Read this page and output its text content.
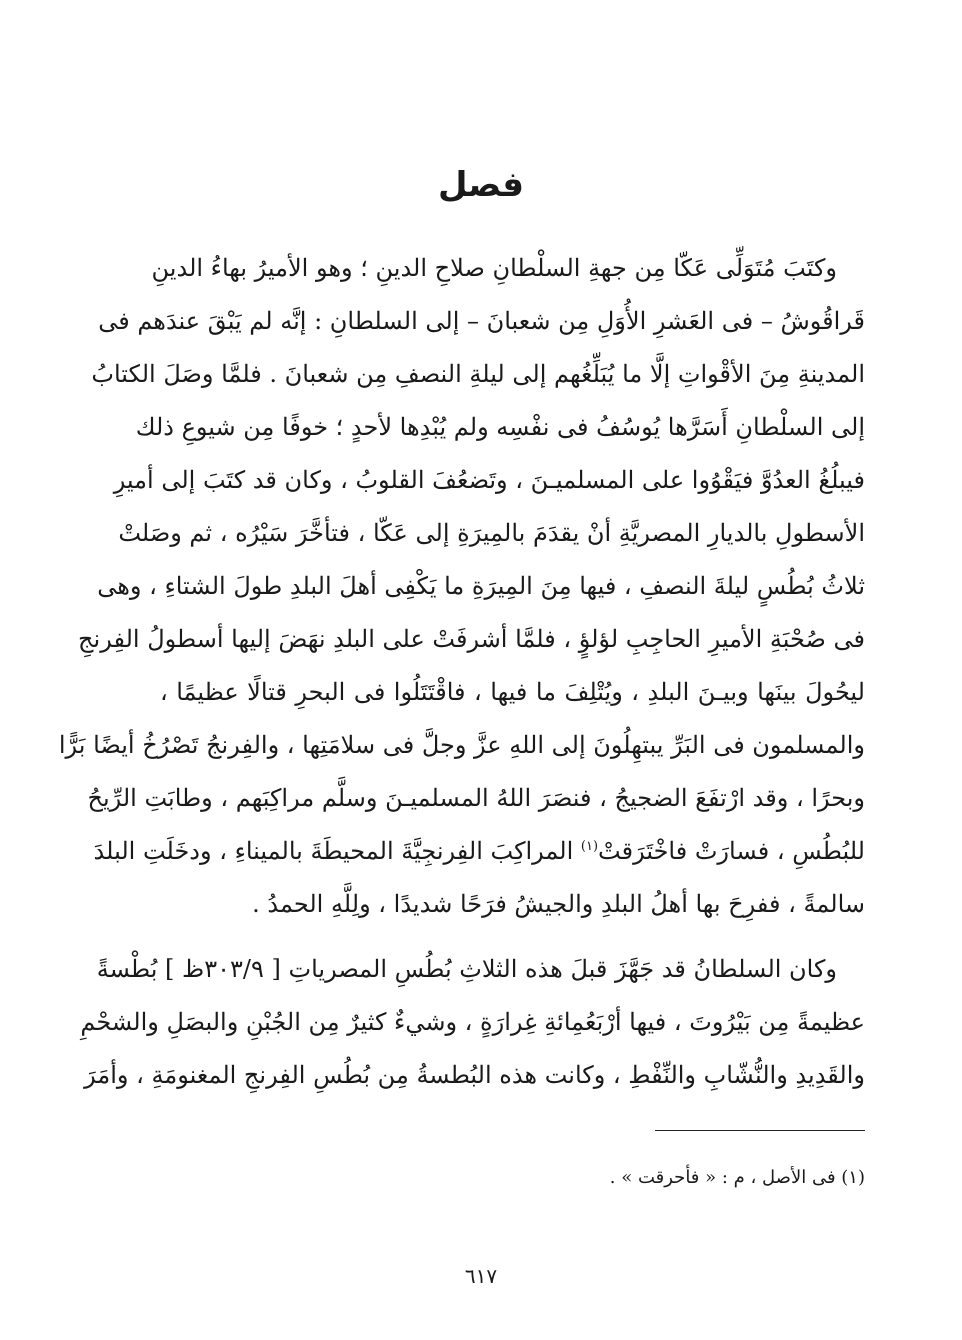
فصل
وكتَبَ مُتَوَلِّى عَكّا مِن جهةِ السلْطانِ صلاحِ الدينِ ؛ وهو الأميرُ بهاءُ الدينِ
قَراقُوشُ – فى العَشرِ الأُوَلِ مِن شعبانَ – إلى السلطانِ : إنَّه لم يَبْقَ عندَهم فى
المدينةِ مِنَ الأقْواتِ إلَّا ما يُبَلِّغُهم إلى ليلةِ النصفِ مِن شعبانَ . فلمَّا وصَلَ الكتابُ
إلى السلْطانِ أَسَرَّها يُوسُفُ فى نفْسِه ولم يُبْدِها لأحدٍ ؛ خوفًا مِن شيوعِ ذلك
فيبلُغُ العدُوَّ فيَقْوُوا على المسلميـنَ ، وتَضعُفَ القلوبُ ، وكان قد كتَبَ إلى أميرِ
الأسطولِ بالديارِ المصريَّةِ أنْ يقدَمَ بالمِيرَةِ إلى عَكّا ، فتأخَّرَ سَيْرُه ، ثم وصَلتْ
ثلاثُ بُطُسٍ ليلةَ النصفِ ، فيها مِنَ المِيرَةِ ما يَكْفِى أهلَ البلدِ طولَ الشتاءِ ، وهى
فى صُحْبَةِ الأميرِ الحاجِبِ لؤلؤٍ ، فلمَّا أشرفَتْ على البلدِ نهَضَ إليها أسطولُ الفِرنجِ
ليحُولَ بينَها وبيـنَ البلدِ ، ويُتْلِفَ ما فيها ، فاقْتَتَلُوا فى البحرِ قتالًا عظيمًا ،
والمسلمون فى البَرِّ يبتهِلُونَ إلى اللهِ عزَّ وجلَّ فى سلامَتِها ، والفِرنجُ تَصْرُخُ أيضًا بَرًّا
وبحرًا ، وقد ارْتفَعَ الضجيجُ ، فنصَرَ اللهُ المسلميـنَ وسلَّم مراكِبَهم ، وطابَتِ الرِّيحُ
للبُطُسِ ، فسارَتْ فاخْتَرَقتْ$^{(١)}$ المراكِبَ الفِرنجِيَّةَ المحيطَةَ بالميناءِ ، ودخَلَتِ البلدَ
سالمةً ، ففرِحَ بها أهلُ البلدِ والجيشُ فرَحًا شديدًا ، ولِلَّهِ الحمدُ .
وكان السلطانُ قد جَهَّزَ قبلَ هذه الثلاثِ بُطُسِ المصرياتِ [ ٣٠٣/٩ظ ] بُطْسةً
عظيمةً مِن بَيْرُوتَ ، فيها أرْبَعُمِائةِ غِرارَةٍ ، وشيءٌ كثيرٌ مِن الجُبْنِ والبصَلِ والشحْمِ
والقَدِيدِ والنُّشّابِ والنِّفْطِ ، وكانت هذه البُطسةُ مِن بُطُسِ الفِرنجِ المغنومَةِ ، وأمَرَ

(١) فى الأصل ، م : « فأحرقت » .

٦١٧
